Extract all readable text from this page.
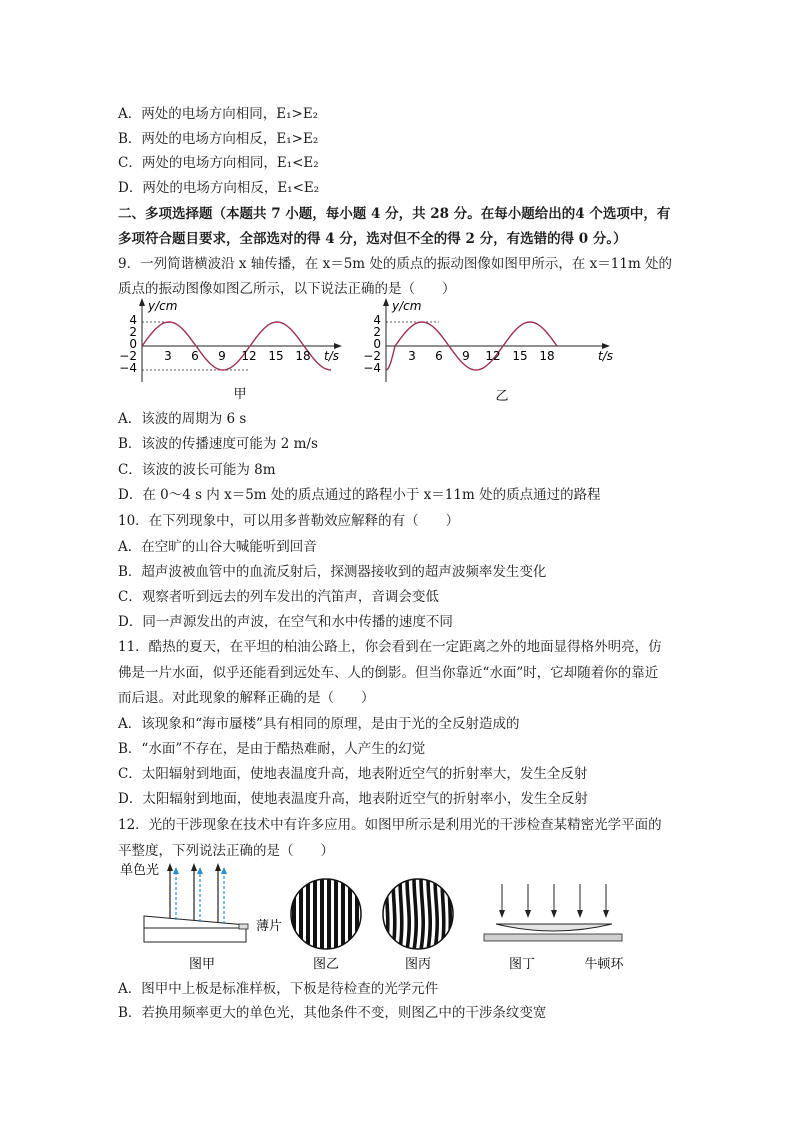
A．两处的电场方向相同，E₁>E₂
B．两处的电场方向相反，E₁>E₂
C．两处的电场方向相同，E₁<E₂
D．两处的电场方向相反，E₁<E₂
二、多项选择题（本题共 7 小题，每小题 4 分，共 28 分。在每小题给出的4 个选项中，有
多项符合题目要求，全部选对的得 4 分，选对但不全的得 2 分，有选错的得 0 分。）
9．一列简谐横波沿 x 轴传播，在 x＝5m 处的质点的振动图像如图甲所示，在 x＝11m 处的
质点的振动图像如图乙所示，以下说法正确的是（　　）
y/cm
t/s
4
2
0
−2
−4
3 6 9 12 15 18
甲
y/cm
t/s
4
2
0
−2
−4
3 6 9 12 15 18
乙
A．该波的周期为 6 s
B．该波的传播速度可能为 2 m/s
C．该波的波长可能为 8m
D．在 0～4 s 内 x＝5m 处的质点通过的路程小于 x＝11m 处的质点通过的路程
10．在下列现象中，可以用多普勒效应解释的有（　　）
A．在空旷的山谷大喊能听到回音
B．超声波被血管中的血流反射后，探测器接收到的超声波频率发生变化
C．观察者听到远去的列车发出的汽笛声，音调会变低
D．同一声源发出的声波，在空气和水中传播的速度不同
11．酷热的夏天，在平坦的柏油公路上，你会看到在一定距离之外的地面显得格外明亮，仿
佛是一片水面，似乎还能看到远处车、人的倒影。但当你靠近“水面”时，它却随着你的靠近
而后退。对此现象的解释正确的是（　　）
A．该现象和“海市蜃楼”具有相同的原理，是由于光的全反射造成的
B．“水面”不存在，是由于酷热难耐，人产生的幻觉
C．太阳辐射到地面，使地表温度升高，地表附近空气的折射率大，发生全反射
D．太阳辐射到地面，使地表温度升高，地表附近空气的折射率小，发生全反射
12．光的干涉现象在技术中有许多应用。如图甲所示是利用光的干涉检查某精密光学平面的
平整度，下列说法正确的是（　　）
单色光
薄片
图甲	图乙	图丙	图丁	牛顿环
A．图甲中上板是标准样板，下板是待检查的光学元件
B．若换用频率更大的单色光，其他条件不变，则图乙中的干涉条纹变宽
